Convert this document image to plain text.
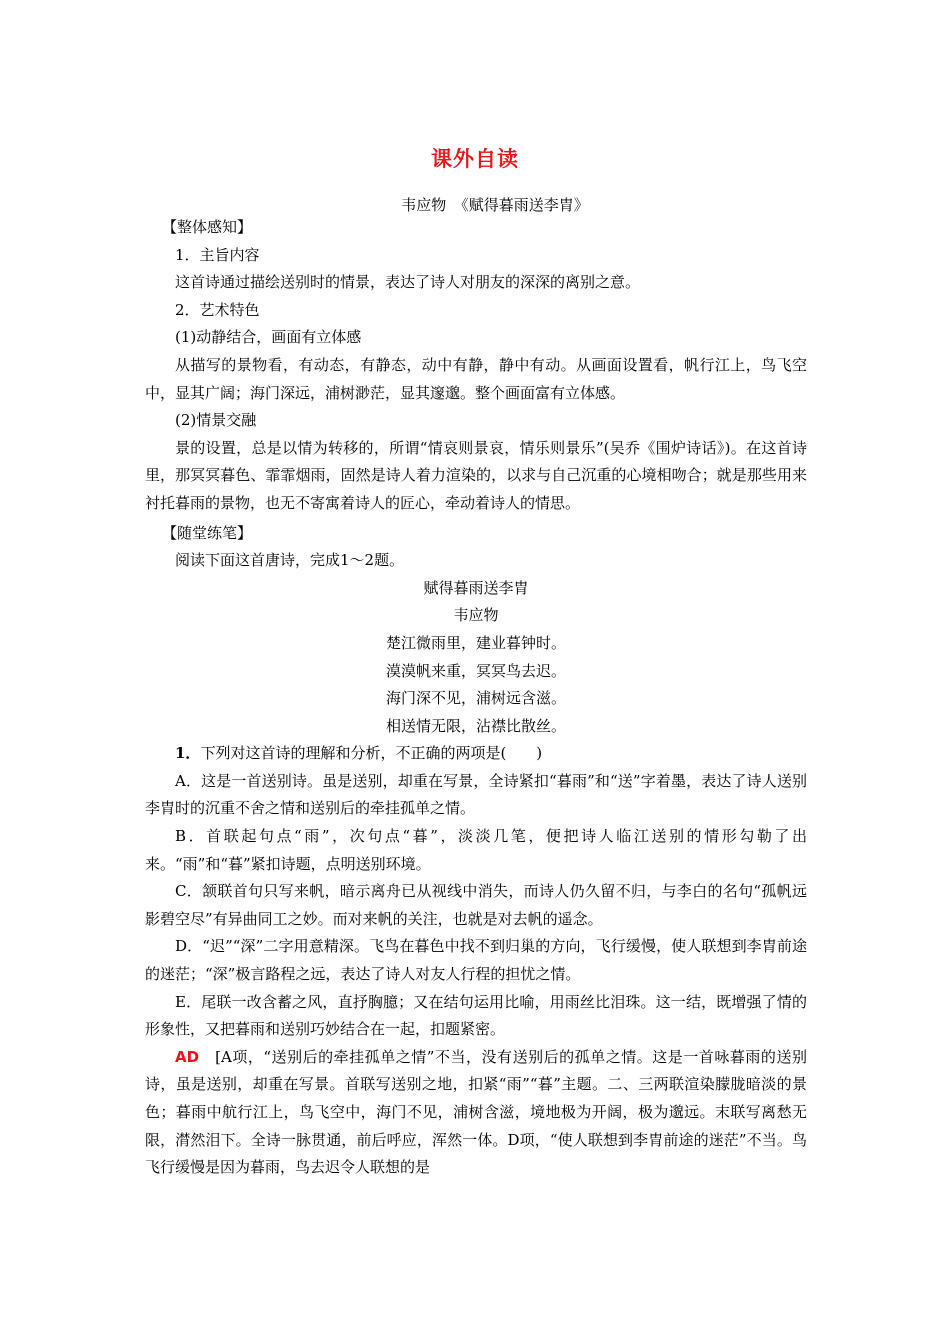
课外自读
韦应物　《赋得暮雨送李胄》

【整体感知】

1．主旨内容

这首诗通过描绘送别时的情景，表达了诗人对朋友的深深的离别之意。

2．艺术特色

(1)动静结合，画面有立体感

从描写的景物看，有动态，有静态，动中有静，静中有动。从画面设置看，帆行江上，鸟飞空中，显其广阔；海门深远，浦树渺茫，显其邃邈。整个画面富有立体感。

(2)情景交融

景的设置，总是以情为转移的，所谓“情哀则景哀，情乐则景乐”(吴乔《围炉诗话》)。在这首诗里，那冥冥暮色、霏霏烟雨，固然是诗人着力渲染的，以求与自己沉重的心境相吻合；就是那些用来衬托暮雨的景物，也无不寄寓着诗人的匠心，牵动着诗人的情思。

【随堂练笔】

阅读下面这首唐诗，完成1～2题。

赋得暮雨送李胄

韦应物

楚江微雨里，建业暮钟时。

漠漠帆来重，冥冥鸟去迟。

海门深不见，浦树远含滋。

相送情无限，沾襟比散丝。

1．下列对这首诗的理解和分析，不正确的两项是(　　)

A．这是一首送别诗。虽是送别，却重在写景，全诗紧扣“暮雨”和“送”字着墨，表达了诗人送别李胄时的沉重不舍之情和送别后的牵挂孤单之情。

B．首联起句点“雨”，次句点“暮”，淡淡几笔，便把诗人临江送别的情形勾勒了出来。“雨”和“暮”紧扣诗题，点明送别环境。

C．颔联首句只写来帆，暗示离舟已从视线中消失，而诗人仍久留不归，与李白的名句“孤帆远影碧空尽”有异曲同工之妙。而对来帆的关注，也就是对去帆的遥念。

D．“迟”“深”二字用意精深。飞鸟在暮色中找不到归巢的方向，飞行缓慢，使人联想到李胄前途的迷茫；“深”极言路程之远，表达了诗人对友人行程的担忧之情。

E．尾联一改含蓄之风，直抒胸臆；又在结句运用比喻，用雨丝比泪珠。这一结，既增强了情的形象性，又把暮雨和送别巧妙结合在一起，扣题紧密。

AD　 [A项，“送别后的牵挂孤单之情”不当，没有送别后的孤单之情。这是一首咏暮雨的送别诗，虽是送别，却重在写景。首联写送别之地，扣紧“雨”“暮”主题。二、三两联渲染朦胧暗淡的景色；暮雨中航行江上，鸟飞空中，海门不见，浦树含滋，境地极为开阔，极为邈远。末联写离愁无限，潸然泪下。全诗一脉贯通，前后呼应，浑然一体。D项，“使人联想到李胄前途的迷茫”不当。鸟飞行缓慢是因为暮雨，鸟去迟令人联想的是
